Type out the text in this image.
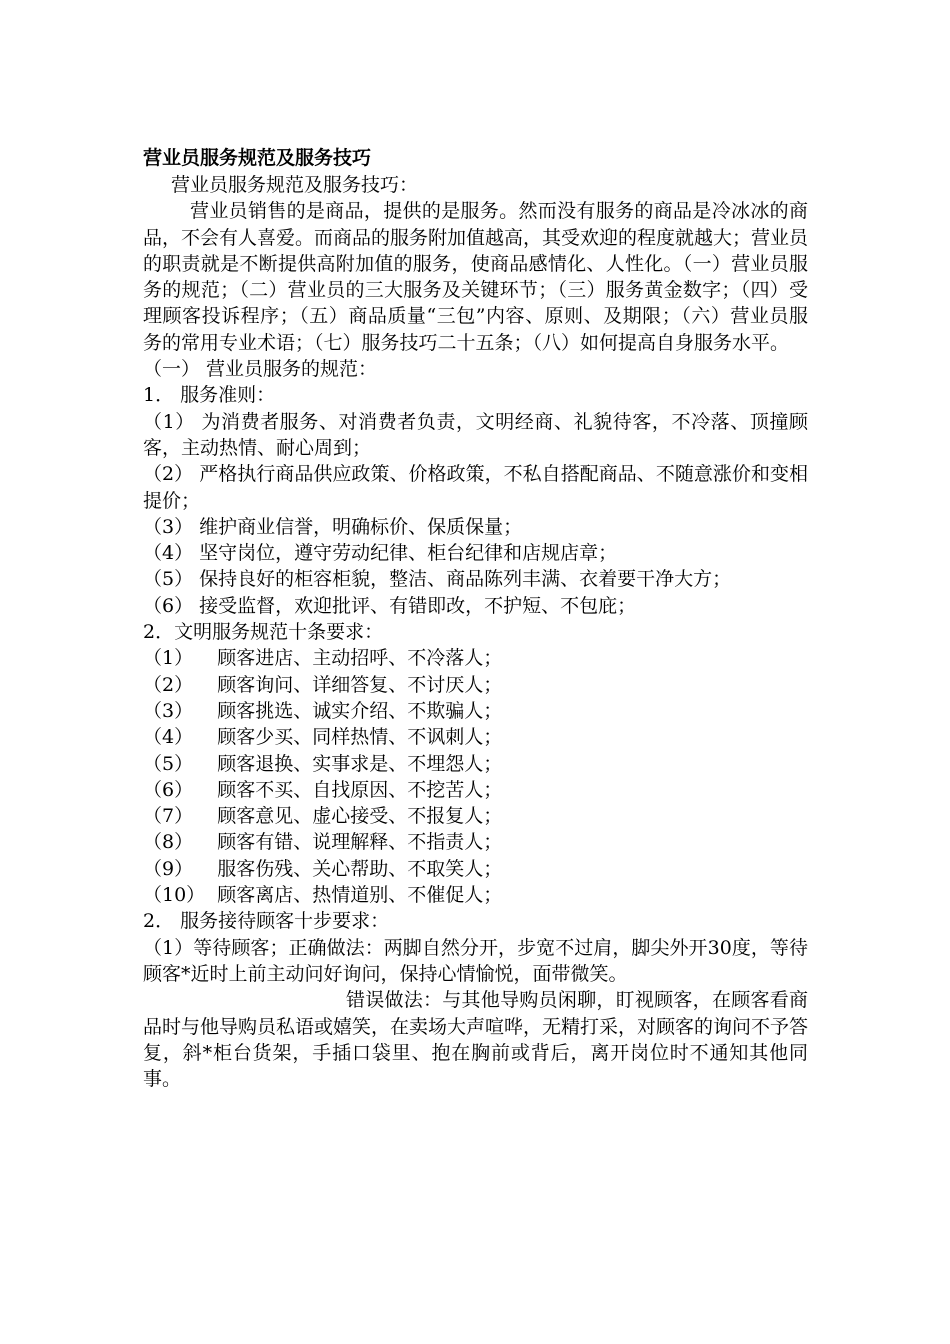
营业员服务规范及服务技巧

营业员服务规范及服务技巧：

营业员销售的是商品，提供的是服务。然而没有服务的商品是冷冰冰的商品，不会有人喜爱。而商品的服务附加值越高，其受欢迎的程度就越大；营业员的职责就是不断提供高附加值的服务，使商品感情化、人性化。（一）营业员服务的规范；（二）营业员的三大服务及关键环节；（三）服务黄金数字；（四）受理顾客投诉程序；（五）商品质量“三包”内容、原则、及期限；（六）营业员服务的常用专业术语；（七）服务技巧二十五条；（八）如何提高自身服务水平。

（一） 营业员服务的规范：

1． 服务准则：

（1） 为消费者服务、对消费者负责，文明经商、礼貌待客，不冷落、顶撞顾客，主动热情、耐心周到；

（2） 严格执行商品供应政策、价格政策，不私自搭配商品、不随意涨价和变相提价；

（3） 维护商业信誉，明确标价、保质保量；

（4） 坚守岗位，遵守劳动纪律、柜台纪律和店规店章；

（5） 保持良好的柜容柜貌，整洁、商品陈列丰满、衣着要干净大方；

（6） 接受监督，欢迎批评、有错即改，不护短、不包庇；

2．文明服务规范十条要求：

（1）    顾客进店、主动招呼、不冷落人；

（2）    顾客询问、详细答复、不讨厌人；

（3）    顾客挑选、诚实介绍、不欺骗人；

（4）    顾客少买、同样热情、不讽刺人；

（5）    顾客退换、实事求是、不埋怨人；

（6）    顾客不买、自找原因、不挖苦人；

（7）    顾客意见、虚心接受、不报复人；

（8）    顾客有错、说理解释、不指责人；

（9）    服客伤残、关心帮助、不取笑人；

（10）  顾客离店、热情道别、不催促人；

2． 服务接待顾客十步要求：

（1）等待顾客；正确做法：两脚自然分开，步宽不过肩，脚尖外开30度，等待顾客*近时上前主动问好询问，保持心情愉悦，面带微笑。

错误做法：与其他导购员闲聊，盯视顾客，在顾客看商品时与他导购员私语或嬉笑，在卖场大声喧哗，无精打采，对顾客的询问不予答复，斜*柜台货架，手插口袋里、抱在胸前或背后，离开岗位时不通知其他同事。
